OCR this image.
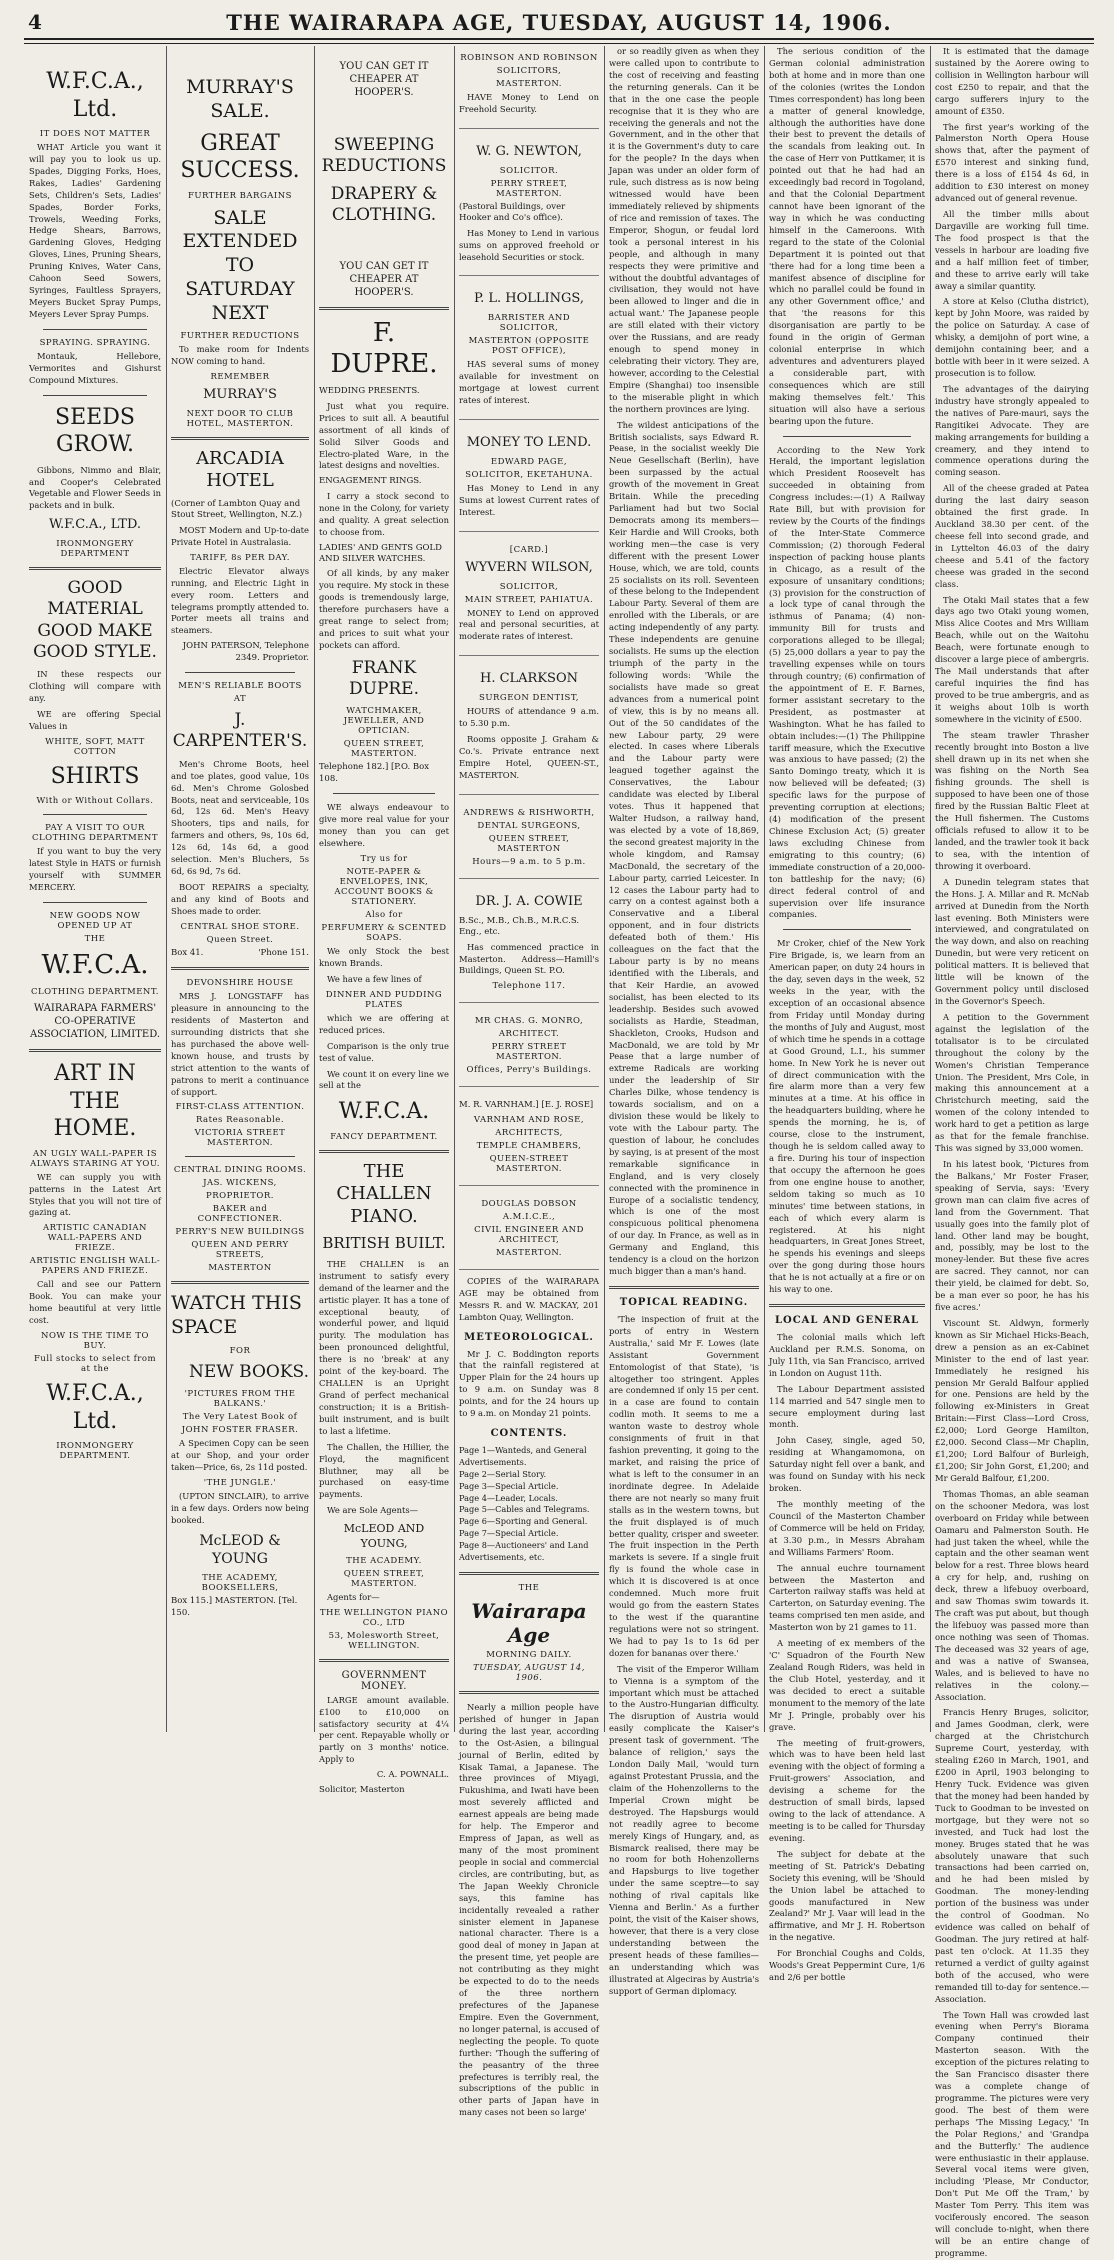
4	THE WAIRARAPA AGE, TUESDAY, AUGUST 14, 1906.
W.F.C.A., Ltd.
IT DOES NOT MATTER

WHAT Article you want it will pay you to look us up. Spades, Digging Forks, Hoes, Rakes, Ladies' Gardening Sets, Children's Sets, Ladies' Spades, Border Forks, Trowels, Weeding Forks, Hedge Shears, Barrows, Gardening Gloves, Hedging Gloves, Lines, Pruning Shears, Pruning Knives, Water Cans, Cahoon Seed Sowers, Syringes, Faultless Sprayers, Meyers Bucket Spray Pumps, Meyers Lever Spray Pumps.

SPRAYING. SPRAYING.

Montauk, Hellebore, Vermorites and Gishurst Compound Mixtures.

SEEDS GROW.

Gibbons, Nimmo and Blair, and Cooper's Celebrated Vegetable and Flower Seeds in packets and in bulk.

W.F.C.A., LTD.
IRONMONGERY DEPARTMENT
GOOD MATERIAL GOOD MAKE GOOD STYLE.

IN these respects our Clothing will compare with any.

WE are offering Special Values in

WHITE, SOFT, MATT COTTON
SHIRTS
With or Without Collars.
PAY A VISIT TO OUR CLOTHING DEPARTMENT

If you want to buy the very latest Style in HATS or furnish yourself with SUMMER MERCERY.

NEW GOODS NOW OPENED UP AT
THE
W.F.C.A.
CLOTHING DEPARTMENT.
WAIRARAPA FARMERS' CO-OPERATIVE ASSOCIATION, LIMITED.
ART IN THE HOME.
AN UGLY WALL-PAPER IS ALWAYS STARING AT YOU.

WE can supply you with patterns in the Latest Art Styles that you will not tire of gazing at.

ARTISTIC CANADIAN WALL-PAPERS AND FRIEZE.
ARTISTIC ENGLISH WALL-PAPERS AND FRIEZE.

Call and see our Pattern Book. You can make your home beautiful at very little cost.

NOW IS THE TIME TO BUY.
Full stocks to select from at the
W.F.C.A., Ltd.
IRONMONGERY DEPARTMENT.
MURRAY'S SALE.
GREAT SUCCESS.
FURTHER BARGAINS
SALE EXTENDED TO SATURDAY NEXT
FURTHER REDUCTIONS

To make room for Indents NOW coming to hand.

REMEMBER
MURRAY'S
NEXT DOOR TO CLUB HOTEL, MASTERTON.
ARCADIA HOTEL
(Corner of Lambton Quay and Stout Street, Wellington, N.Z.)

MOST Modern and Up-to-date Private Hotel in Australasia.

TARIFF, 8s PER DAY.

Electric Elevator always running, and Electric Light in every room. Letters and telegrams promptly attended to. Porter meets all trains and steamers.

JOHN PATERSON, Telephone 2349. Proprietor.
MEN'S RELIABLE BOOTS
AT
J. CARPENTER'S.

Men's Chrome Boots, heel and toe plates, good value, 10s 6d. Men's Chrome Golosbed Boots, neat and serviceable, 10s 6d, 12s 6d. Men's Heavy Shooters, tips and nails, for farmers and others, 9s, 10s 6d, 12s 6d, 14s 6d, a good selection. Men's Bluchers, 5s 6d, 6s 9d, 7s 6d.

BOOT REPAIRS a specialty, and any kind of Boots and Shoes made to order.

CENTRAL SHOE STORE.
Queen Street.
Box 41.	'Phone 151.
DEVONSHIRE HOUSE

MRS J. LONGSTAFF has pleasure in announcing to the residents of Masterton and surrounding districts that she has purchased the above well-known house, and trusts by strict attention to the wants of patrons to merit a continuance of support.

FIRST-CLASS ATTENTION.
Rates Reasonable.
VICTORIA STREET MASTERTON.
CENTRAL DINING ROOMS.
JAS. WICKENS,
PROPRIETOR.
BAKER and CONFECTIONER.
PERRY'S NEW BUILDINGS
QUEEN AND PERRY STREETS,
MASTERTON
WATCH THIS SPACE
FOR
NEW BOOKS.
'PICTURES FROM THE BALKANS.'
The Very Latest Book of
JOHN FOSTER FRASER.

A Specimen Copy can be seen at our Shop, and your order taken—Price, 6s, 2s 11d posted.

'THE JUNGLE.'

(UPTON SINCLAIR), to arrive in a few days. Orders now being booked.

McLEOD & YOUNG
THE ACADEMY, BOOKSELLERS,
Box 115.] MASTERTON. [Tel. 150.
YOU CAN GET IT CHEAPER AT HOOPER'S.
SWEEPING REDUCTIONS
DRAPERY & CLOTHING.
YOU CAN GET IT CHEAPER AT HOOPER'S.
F. DUPRE.
WEDDING PRESENTS.

Just what you require. Prices to suit all. A beautiful assortment of all kinds of Solid Silver Goods and Electro-plated Ware, in the latest designs and novelties.

ENGAGEMENT RINGS.

I carry a stock second to none in the Colony, for variety and quality. A great selection to choose from.

LADIES' AND GENTS GOLD AND SILVER WATCHES.

Of all kinds, by any maker you require. My stock in these goods is tremendously large, therefore purchasers have a great range to select from; and prices to suit what your pockets can afford.

FRANK DUPRE.
WATCHMAKER, JEWELLER, AND OPTICIAN.
QUEEN STREET, MASTERTON.
Telephone 182.] [P.O. Box 108.

WE always endeavour to give more real value for your money than you can get elsewhere.

Try us for
NOTE-PAPER & ENVELOPES, INK, ACCOUNT BOOKS & STATIONERY.
Also for
PERFUMERY & SCENTED SOAPS.

We only Stock the best known Brands.

We have a few lines of

DINNER AND PUDDING PLATES

which we are offering at reduced prices.

Comparison is the only true test of value.

We count it on every line we sell at the

W.F.C.A.
FANCY DEPARTMENT.
THE CHALLEN PIANO.
BRITISH BUILT.

THE CHALLEN is an instrument to satisfy every demand of the learner and the artistic player. It has a tone of exceptional beauty, of wonderful power, and liquid purity. The modulation has been pronounced delightful, there is no 'break' at any point of the key-board. The CHALLEN is an Upright Grand of perfect mechanical construction; it is a British-built instrument, and is built to last a lifetime.

The Challen, the Hillier, the Floyd, the magnificent Bluthner, may all be purchased on easy-time payments.

We are Sole Agents—

McLEOD AND YOUNG,
THE ACADEMY.
QUEEN STREET, MASTERTON.

Agents for—

THE WELLINGTON PIANO CO., LTD
53, Molesworth Street, WELLINGTON.
GOVERNMENT MONEY.

LARGE amount available. £100 to £10,000 on satisfactory security at 4¼ per cent. Repayable wholly or partly on 3 months' notice. Apply to

C. A. POWNALL.
Solicitor, Masterton
ROBINSON AND ROBINSON
SOLICITORS,
MASTERTON.

HAVE Money to Lend on Freehold Security.

W. G. NEWTON,
SOLICITOR.
PERRY STREET, MASTERTON.
(Pastoral Buildings, over Hooker and Co's office).

Has Money to Lend in various sums on approved freehold or leasehold Securities or stock.

P. L. HOLLINGS,
BARRISTER AND SOLICITOR,
MASTERTON (OPPOSITE POST OFFICE),

HAS several sums of money available for investment on mortgage at lowest current rates of interest.

MONEY TO LEND.
EDWARD PAGE,
SOLICITOR, EKETAHUNA.

Has Money to Lend in any Sums at lowest Current rates of Interest.

[CARD.]
WYVERN WILSON,
SOLICITOR,
MAIN STREET, PAHIATUA.

MONEY to Lend on approved real and personal securities, at moderate rates of interest.

H. CLARKSON
SURGEON DENTIST,

HOURS of attendance 9 a.m. to 5.30 p.m.

Rooms opposite J. Graham & Co.'s. Private entrance next Empire Hotel, QUEEN-ST., MASTERTON.

ANDREWS & RISHWORTH,
DENTAL SURGEONS,
QUEEN STREET, MASTERTON
Hours—9 a.m. to 5 p.m.
DR. J. A. COWIE
B.Sc., M.B., Ch.B., M.R.C.S. Eng., etc.

Has commenced practice in Masterton. Address—Hamill's Buildings, Queen St. P.O.

Telephone 117.
MR CHAS. G. MONRO,
ARCHITECT.
PERRY STREET MASTERTON.
Offices, Perry's Buildings.
M. R. VARNHAM.] [E. J. ROSE]
VARNHAM AND ROSE,
ARCHITECTS,
TEMPLE CHAMBERS,
QUEEN-STREET MASTERTON.
DOUGLAS DOBSON
A.M.I.C.E.,
CIVIL ENGINEER AND ARCHITECT,
MASTERTON.

COPIES of the WAIRARAPA AGE may be obtained from Messrs R. and W. MACKAY, 201 Lambton Quay, Wellington.

METEOROLOGICAL.

Mr J. C. Boddington reports that the rainfall registered at Upper Plain for the 24 hours up to 9 a.m. on Sunday was 8 points, and for the 24 hours up to 9 a.m. on Monday 21 points.

CONTENTS.
Page 1—Wanteds, and General Advertisements.
Page 2—Serial Story.
Page 3—Special Article.
Page 4—Leader, Locals.
Page 5—Cables and Telegrams.
Page 6—Sporting and General.
Page 7—Special Article.
Page 8—Auctioneers' and Land Advertisements, etc.
THE
Wairarapa Age
MORNING DAILY.
TUESDAY, AUGUST 14, 1906.

Nearly a million people have perished of hunger in Japan during the last year, according to the Ost-Asien, a bilingual journal of Berlin, edited by Kisak Tamai, a Japanese. The three provinces of Miyagi, Fukushima, and Iwati have been most severely afflicted and earnest appeals are being made for help. The Emperor and Empress of Japan, as well as many of the most prominent people in social and commercial circles, are contributing, but, as The Japan Weekly Chronicle says, this famine has incidentally revealed a rather sinister element in Japanese national character. There is a good deal of money in Japan at the present time, yet people are not contributing as they might be expected to do to the needs of the three northern prefectures of the Japanese Empire. Even the Government, no longer paternal, is accused of neglecting the people. To quote further: 'Though the suffering of the peasantry of the three prefectures is terribly real, the subscriptions of the public in other parts of Japan have in many cases not been so large'

or so readily given as when they were called upon to contribute to the cost of receiving and feasting the returning generals. Can it be that in the one case the people recognise that it is they who are receiving the generals and not the Government, and in the other that it is the Government's duty to care for the people? In the days when Japan was under an older form of rule, such distress as is now being witnessed would have been immediately relieved by shipments of rice and remission of taxes. The Emperor, Shogun, or feudal lord took a personal interest in his people, and although in many respects they were primitive and without the doubtful advantages of civilisation, they would not have been allowed to linger and die in actual want.' The Japanese people are still elated with their victory over the Russians, and are ready enough to spend money in celebrating their victory. They are, however, according to the Celestial Empire (Shanghai) too insensible to the miserable plight in which the northern provinces are lying.

The wildest anticipations of the British socialists, says Edward R. Pease, in the socialist weekly Die Neue Gesellschaft (Berlin), have been surpassed by the actual growth of the movement in Great Britain. While the preceding Parliament had but two Social Democrats among its members—Keir Hardie and Will Crooks, both working men—the case is very different with the present Lower House, which, we are told, counts 25 socialists on its roll. Seventeen of these belong to the Independent Labour Party. Several of them are enrolled with the Liberals, or are acting independently of any party. These independents are genuine socialists. He sums up the election triumph of the party in the following words: 'While the socialists have made so great advances from a numerical point of view, this is by no means all. Out of the 50 candidates of the new Labour party, 29 were elected. In cases where Liberals and the Labour party were leagued together against the Conservatives, the Labour candidate was elected by Liberal votes. Thus it happened that Walter Hudson, a railway hand, was elected by a vote of 18,869, the second greatest majority in the whole kingdom, and Ramsay MacDonald, the secretary of the Labour party, carried Leicester. In 12 cases the Labour party had to carry on a contest against both a Conservative and a Liberal opponent, and in four districts defeated both of them.' His colleagues on the fact that the Labour party is by no means identified with the Liberals, and that Keir Hardie, an avowed socialist, has been elected to its leadership. Besides such avowed socialists as Hardie, Steadman, Shackleton, Crooks, Hudson and MacDonald, we are told by Mr Pease that a large number of extreme Radicals are working under the leadership of Sir Charles Dilke, whose tendency is towards socialism, and on a division these would be likely to vote with the Labour party. The question of labour, he concludes by saying, is at present of the most remarkable significance in England, and is very closely connected with the prominence in Europe of a socialistic tendency, which is one of the most conspicuous political phenomena of our day. In France, as well as in Germany and England, this tendency is a cloud on the horizon much bigger than a man's hand.

TOPICAL READING.

'The inspection of fruit at the ports of entry in Western Australia,' said Mr F. Lowes (late Assistant Government Entomologist of that State), 'is altogether too stringent. Apples are condemned if only 15 per cent. in a case are found to contain codlin moth. It seems to me a wanton waste to destroy whole consignments of fruit in that fashion preventing, it going to the market, and raising the price of what is left to the consumer in an inordinate degree. In Adelaide there are not nearly so many fruit stalls as in the western towns, but the fruit displayed is of much better quality, crisper and sweeter. The fruit inspection in the Perth markets is severe. If a single fruit fly is found the whole case in which it is discovered is at once condemned. Much more fruit would go from the eastern States to the west if the quarantine regulations were not so stringent. We had to pay 1s to 1s 6d per dozen for bananas over there.'

The visit of the Emperor William to Vienna is a symptom of the important which must be attached to the Austro-Hungarian difficulty. The disruption of Austria would easily complicate the Kaiser's present task of government. 'The balance of religion,' says the London Daily Mail, 'would turn against Protestant Prussia, and the claim of the Hohenzollerns to the Imperial Crown might be destroyed. The Hapsburgs would not readily agree to become merely Kings of Hungary, and, as Bismarck realised, there may be no room for both Hohenzollerns and Hapsburgs to live together under the same sceptre—to say nothing of rival capitals like Vienna and Berlin.' As a further point, the visit of the Kaiser shows, however, that there is a very close understanding between the present heads of these families—an understanding which was illustrated at Algeciras by Austria's support of German diplomacy.

The serious condition of the German colonial administration both at home and in more than one of the colonies (writes the London Times correspondent) has long been a matter of general knowledge, although the authorities have done their best to prevent the details of the scandals from leaking out. In the case of Herr von Puttkamer, it is pointed out that he had had an exceedingly bad record in Togoland, and that the Colonial Department cannot have been ignorant of the way in which he was conducting himself in the Cameroons. With regard to the state of the Colonial Department it is pointed out that 'there had for a long time been a manifest absence of discipline for which no parallel could be found in any other Government office,' and that 'the reasons for this disorganisation are partly to be found in the origin of German colonial enterprise in which adventures and adventurers played a considerable part, with consequences which are still making themselves felt.' This situation will also have a serious bearing upon the future.

According to the New York Herald, the important legislation which President Roosevelt has succeeded in obtaining from Congress includes:—(1) A Railway Rate Bill, but with provision for review by the Courts of the findings of the Inter-State Commerce Commission; (2) thorough Federal inspection of packing house plants in Chicago, as a result of the exposure of unsanitary conditions; (3) provision for the construction of a lock type of canal through the isthmus of Panama; (4) non-immunity Bill for trusts and corporations alleged to be illegal; (5) 25,000 dollars a year to pay the travelling expenses while on tours through country; (6) confirmation of the appointment of E. F. Barnes, former assistant secretary to the President, as postmaster at Washington. What he has failed to obtain includes:—(1) The Philippine tariff measure, which the Executive was anxious to have passed; (2) the Santo Domingo treaty, which it is now believed will be defeated; (3) specific laws for the purpose of preventing corruption at elections; (4) modification of the present Chinese Exclusion Act; (5) greater laws excluding Chinese from emigrating to this country; (6) immediate construction of a 20,000-ton battleship for the navy; (6) direct federal control of and supervision over life insurance companies.

Mr Croker, chief of the New York Fire Brigade, is, we learn from an American paper, on duty 24 hours in the day, seven days in the week, 52 weeks in the year, with the exception of an occasional absence from Friday until Monday during the months of July and August, most of which time he spends in a cottage at Good Ground, L.I., his summer home. In New York he is never out of direct communication with the fire alarm more than a very few minutes at a time. At his office in the headquarters building, where he spends the morning, he is, of course, close to the instrument, though he is seldom called away to a fire. During his tour of inspection that occupy the afternoon he goes from one engine house to another, seldom taking so much as 10 minutes' time between stations, in each of which every alarm is registered. At his night headquarters, in Great Jones Street, he spends his evenings and sleeps over the gong during those hours that he is not actually at a fire or on his way to one.

LOCAL AND GENERAL

The colonial mails which left Auckland per R.M.S. Sonoma, on July 11th, via San Francisco, arrived in London on August 11th.

The Labour Department assisted 114 married and 547 single men to secure employment during last month.

John Casey, single, aged 50, residing at Whangamomona, on Saturday night fell over a bank, and was found on Sunday with his neck broken.

The monthly meeting of the Council of the Masterton Chamber of Commerce will be held on Friday, at 3.30 p.m., in Messrs Abraham and Williams Farmers' Room.

The annual euchre tournament between the Masterton and Carterton railway staffs was held at Carterton, on Saturday evening. The teams comprised ten men aside, and Masterton won by 21 games to 11.

A meeting of ex members of the 'C' Squadron of the Fourth New Zealand Rough Riders, was held in the Club Hotel, yesterday, and it was decided to erect a suitable monument to the memory of the late Mr J. Pringle, probably over his grave.

The meeting of fruit-growers, which was to have been held last evening with the object of forming a Fruit-growers' Association, and devising a scheme for the destruction of small birds, lapsed owing to the lack of attendance. A meeting is to be called for Thursday evening.

The subject for debate at the meeting of St. Patrick's Debating Society this evening, will be 'Should the Union label be attached to goods manufactured in New Zealand?' Mr J. Vaar will lead in the affirmative, and Mr J. H. Robertson in the negative.

For Bronchial Coughs and Colds, Woods's Great Peppermint Cure, 1/6 and 2/6 per bottle

It is estimated that the damage sustained by the Aorere owing to collision in Wellington harbour will cost £250 to repair, and that the cargo sufferers injury to the amount of £350.

The first year's working of the Palmerston North Opera House shows that, after the payment of £570 interest and sinking fund, there is a loss of £154 4s 6d, in addition to £30 interest on money advanced out of general revenue.

All the timber mills about Dargaville are working full time. The food prospect is that the vessels in harbour are loading five and a half million feet of timber, and these to arrive early will take away a similar quantity.

A store at Kelso (Clutha district), kept by John Moore, was raided by the police on Saturday. A case of whisky, a demijohn of port wine, a demijohn containing beer, and a bottle with beer in it were seized. A prosecution is to follow.

The advantages of the dairying industry have strongly appealed to the natives of Pare-mauri, says the Rangitikei Advocate. They are making arrangements for building a creamery, and they intend to commence operations during the coming season.

All of the cheese graded at Patea during the last dairy season obtained the first grade. In Auckland 38.30 per cent. of the cheese fell into second grade, and in Lyttelton 46.03 of the dairy cheese and 5.41 of the factory cheese was graded in the second class.

The Otaki Mail states that a few days ago two Otaki young women, Miss Alice Cootes and Mrs William Beach, while out on the Waitohu Beach, were fortunate enough to discover a large piece of ambergris. The Mail understands that after careful inquiries the find has proved to be true ambergris, and as it weighs about 10lb is worth somewhere in the vicinity of £500.

The steam trawler Thrasher recently brought into Boston a live shell drawn up in its net when she was fishing on the North Sea fishing grounds. The shell is supposed to have been one of those fired by the Russian Baltic Fleet at the Hull fishermen. The Customs officials refused to allow it to be landed, and the trawler took it back to sea, with the intention of throwing it overboard.

A Dunedin telegram states that the Hons. J. A. Millar and R. McNab arrived at Dunedin from the North last evening. Both Ministers were interviewed, and congratulated on the way down, and also on reaching Dunedin, but were very reticent on political matters. It is believed that little will be known of the Government policy until disclosed in the Governor's Speech.

A petition to the Government against the legislation of the totalisator is to be circulated throughout the colony by the Women's Christian Temperance Union. The President, Mrs Cole, in making this announcement at a Christchurch meeting, said the women of the colony intended to work hard to get a petition as large as that for the female franchise. This was signed by 33,000 women.

In his latest book, 'Pictures from the Balkans,' Mr Foster Fraser, speaking of Servia, says: 'Every grown man can claim five acres of land from the Government. That usually goes into the family plot of land. Other land may be bought, and, possibly, may be lost to the money-lender. But these five acres are sacred. They cannot, nor can their yield, be claimed for debt. So, be a man ever so poor, he has his five acres.'

Viscount St. Aldwyn, formerly known as Sir Michael Hicks-Beach, drew a pension as an ex-Cabinet Minister to the end of last year. Immediately he resigned his pension Mr Gerald Balfour applied for one. Pensions are held by the following ex-Ministers in Great Britain:—First Class—Lord Cross, £2,000; Lord George Hamilton, £2,000. Second Class—Mr Chaplin, £1,200; Lord Balfour of Burleigh, £1,200; Sir John Gorst, £1,200; and Mr Gerald Balfour, £1,200.

Thomas Thomas, an able seaman on the schooner Medora, was lost overboard on Friday while between Oamaru and Palmerston South. He had just taken the wheel, while the captain and the other seaman went below for a rest. Three blows heard a cry for help, and, rushing on deck, threw a lifebuoy overboard, and saw Thomas swim towards it. The craft was put about, but though the lifebuoy was passed more than once nothing was seen of Thomas. The deceased was 32 years of age, and was a native of Swansea, Wales, and is believed to have no relatives in the colony.—Association.

Francis Henry Bruges, solicitor, and James Goodman, clerk, were charged at the Christchurch Supreme Court, yesterday, with stealing £260 in March, 1901, and £200 in April, 1903 belonging to Henry Tuck. Evidence was given that the money had been handed by Tuck to Goodman to be invested on mortgage, but they were not so invested, and Tuck had lost the money. Bruges stated that he was absolutely unaware that such transactions had been carried on, and he had been misled by Goodman. The money-lending portion of the business was under the control of Goodman. No evidence was called on behalf of Goodman. The jury retired at half-past ten o'clock. At 11.35 they returned a verdict of guilty against both of the accused, who were remanded till to-day for sentence.—Association.

The Town Hall was crowded last evening when Perry's Bioramа Company continued their Masterton season. With the exception of the pictures relating to the San Francisco disaster there was a complete change of programme. The pictures were very good. The best of them were perhaps 'The Missing Legacy,' 'In the Polar Regions,' and 'Grandpa and the Butterfly.' The audience were enthusiastic in their applause. Several vocal items were given, including 'Please, Mr Conductor, Don't Put Me Off the Tram,' by Master Tom Perry. This item was vociferously encored. The season will conclude to-night, when there will be an entire change of programme.
